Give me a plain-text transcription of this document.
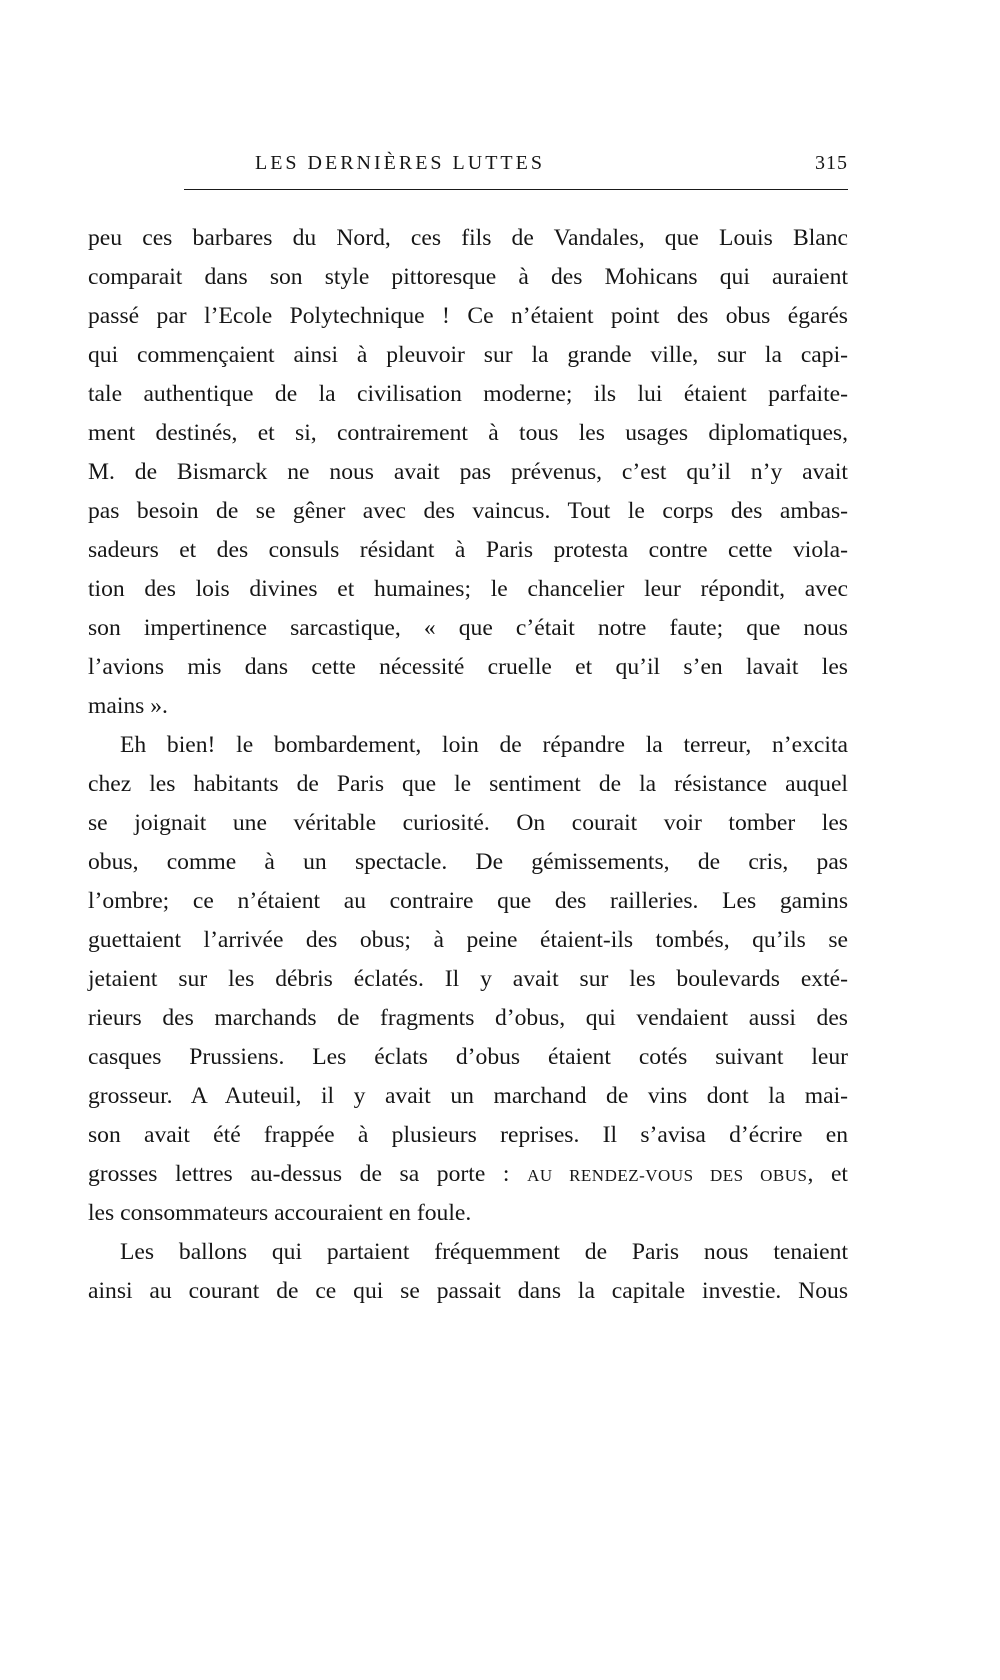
LES DERNIÈRES LUTTES	315
peu ces barbares du Nord, ces fils de Vandales, que Louis Blanc
comparait dans son style pittoresque à des Mohicans qui auraient
passé par l’Ecole Polytechnique ! Ce n’étaient point des obus égarés
qui commençaient ainsi à pleuvoir sur la grande ville, sur la capi-
tale authentique de la civilisation moderne; ils lui étaient parfaite-
ment destinés, et si, contrairement à tous les usages diplomatiques,
M. de Bismarck ne nous avait pas prévenus, c’est qu’il n’y avait
pas besoin de se gêner avec des vaincus. Tout le corps des ambas-
sadeurs et des consuls résidant à Paris protesta contre cette viola-
tion des lois divines et humaines; le chancelier leur répondit, avec
son impertinence sarcastique, « que c’était notre faute; que nous
l’avions mis dans cette nécessité cruelle et qu’il s’en lavait les
mains ».
Eh bien! le bombardement, loin de répandre la terreur, n’excita
chez les habitants de Paris que le sentiment de la résistance auquel
se joignait une véritable curiosité. On courait voir tomber les
obus, comme à un spectacle. De gémissements, de cris, pas
l’ombre; ce n’étaient au contraire que des railleries. Les gamins
guettaient l’arrivée des obus; à peine étaient-ils tombés, qu’ils se
jetaient sur les débris éclatés. Il y avait sur les boulevards exté-
rieurs des marchands de fragments d’obus, qui vendaient aussi des
casques Prussiens. Les éclats d’obus étaient cotés suivant leur
grosseur. A Auteuil, il y avait un marchand de vins dont la mai-
son avait été frappée à plusieurs reprises. Il s’avisa d’écrire en
grosses lettres au-dessus de sa porte : AU RENDEZ-VOUS DES OBUS, et
les consommateurs accouraient en foule.
Les ballons qui partaient fréquemment de Paris nous tenaient
ainsi au courant de ce qui se passait dans la capitale investie. Nous
